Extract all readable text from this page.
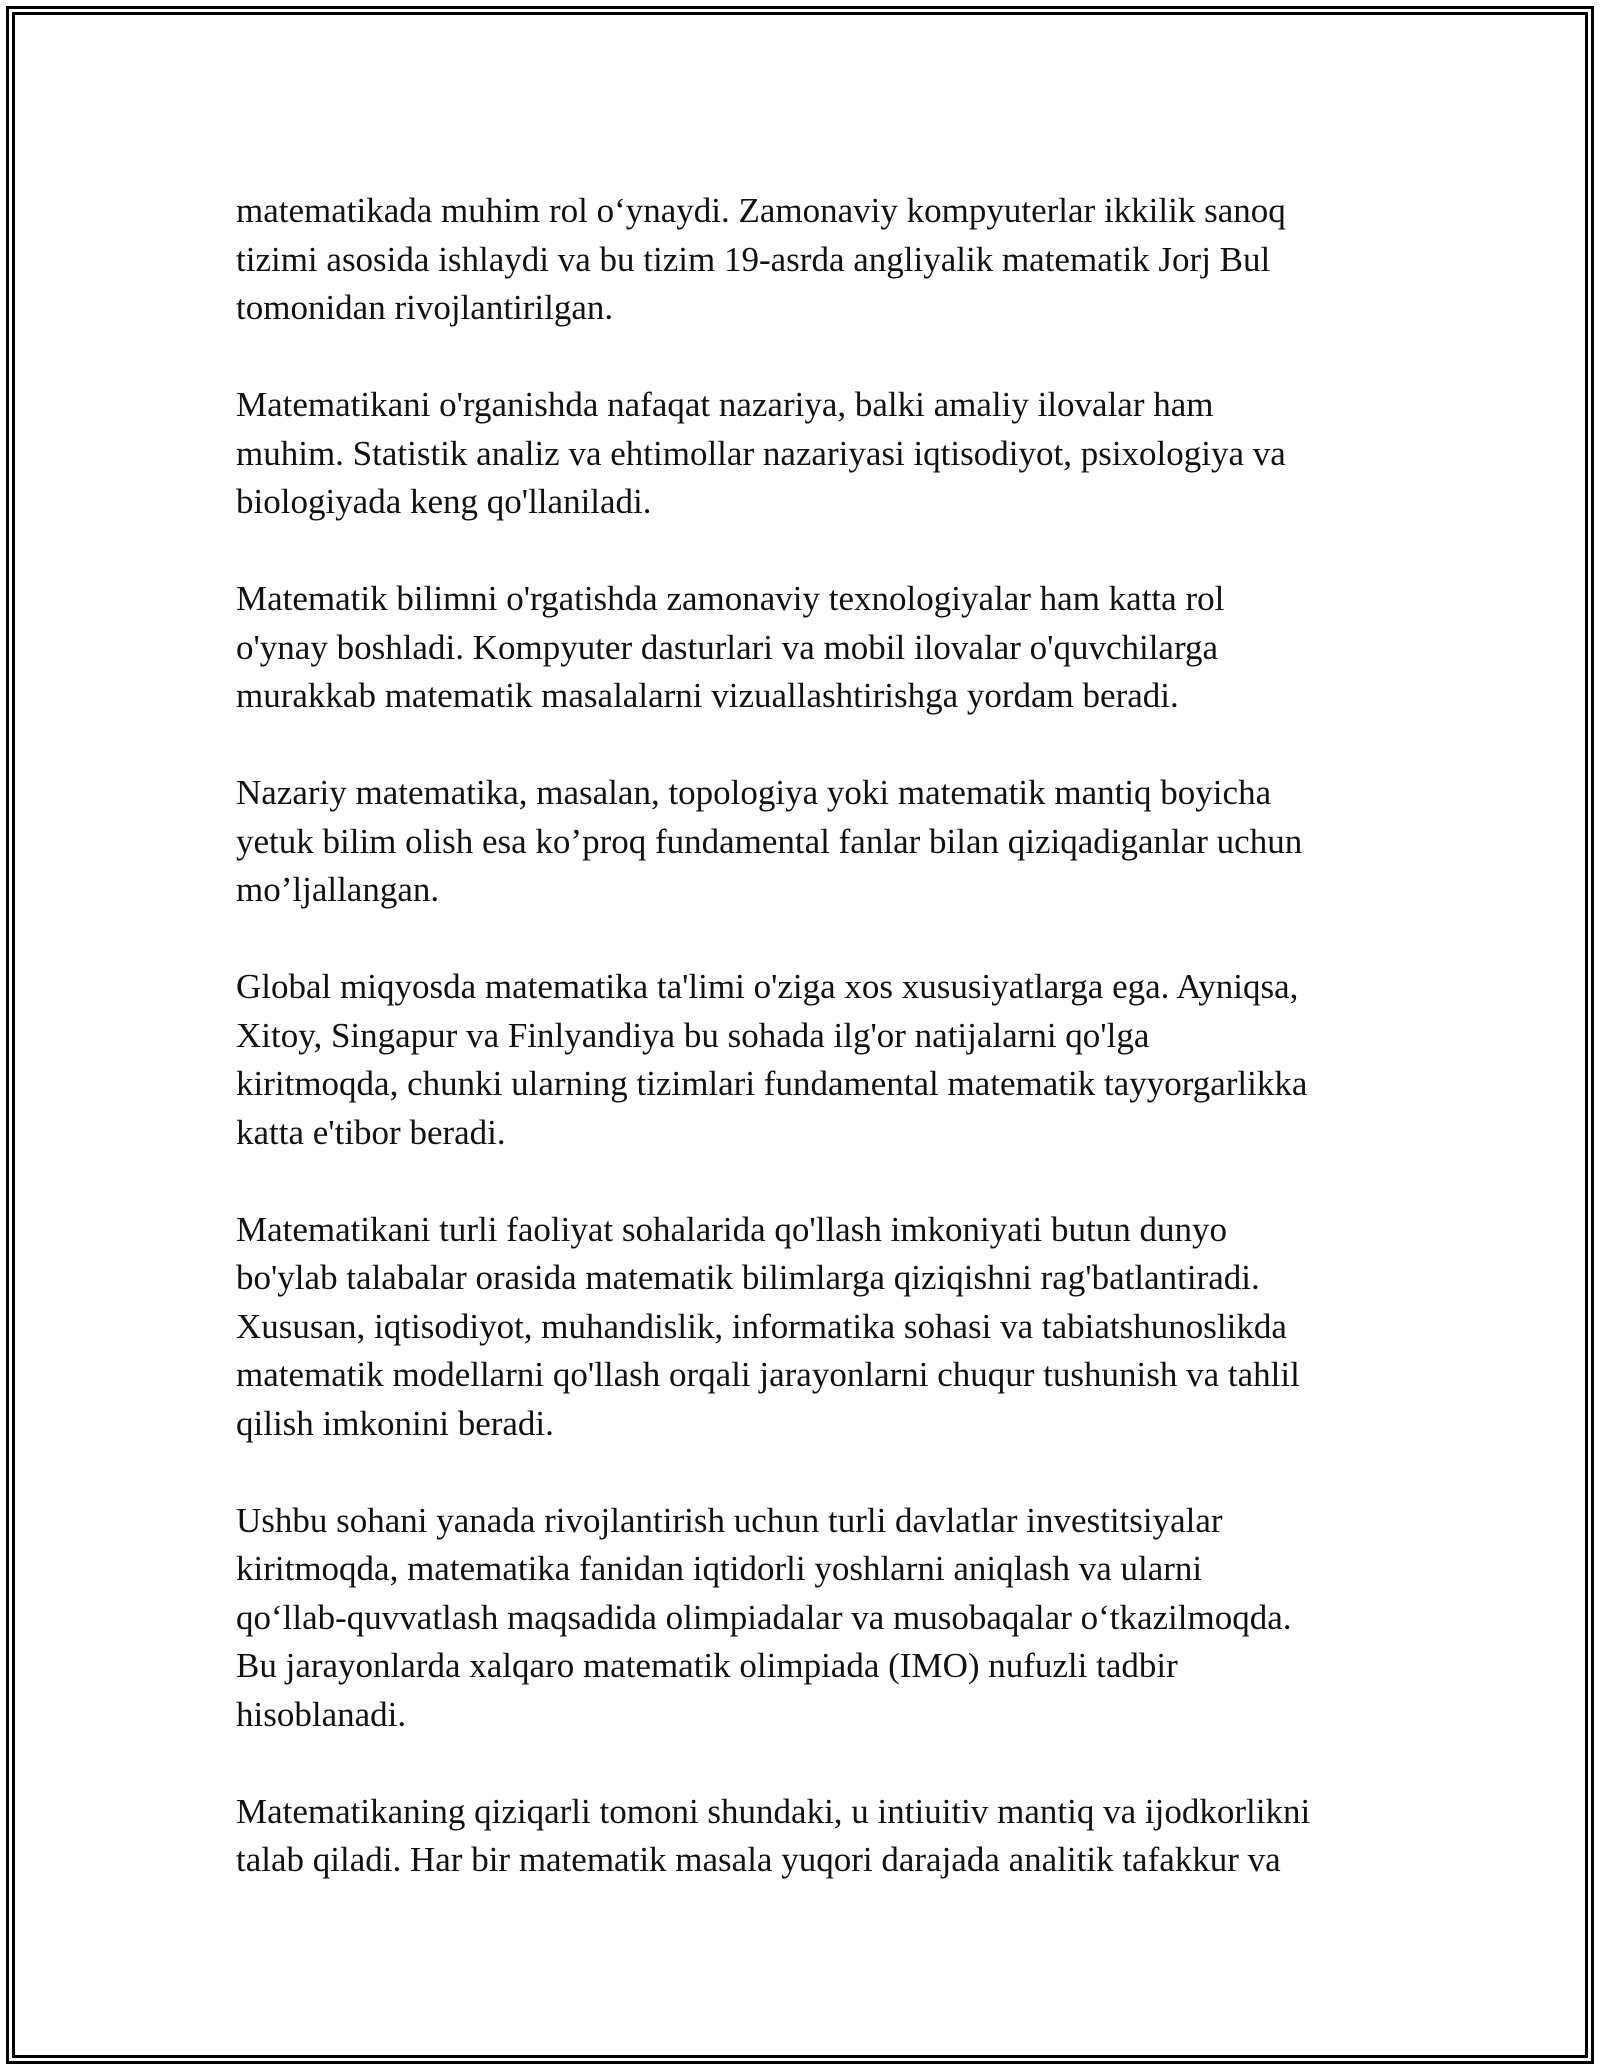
matematikada muhim rol o‘ynaydi. Zamonaviy kompyuterlar ikkilik sanoq
tizimi asosida ishlaydi va bu tizim 19-asrda angliyalik matematik Jorj Bul
tomonidan rivojlantirilgan.

Matematikani o'rganishda nafaqat nazariya, balki amaliy ilovalar ham
muhim. Statistik analiz va ehtimollar nazariyasi iqtisodiyot, psixologiya va
biologiyada keng qo'llaniladi.

Matematik bilimni o'rgatishda zamonaviy texnologiyalar ham katta rol
o'ynay boshladi. Kompyuter dasturlari va mobil ilovalar o'quvchilarga
murakkab matematik masalalarni vizuallashtirishga yordam beradi.

Nazariy matematika, masalan, topologiya yoki matematik mantiq boyicha
yetuk bilim olish esa ko’proq fundamental fanlar bilan qiziqadiganlar uchun
mo’ljallangan.

Global miqyosda matematika ta'limi o'ziga xos xususiyatlarga ega. Ayniqsa,
Xitoy, Singapur va Finlyandiya bu sohada ilg'or natijalarni qo'lga
kiritmoqda, chunki ularning tizimlari fundamental matematik tayyorgarlikka
katta e'tibor beradi.

Matematikani turli faoliyat sohalarida qo'llash imkoniyati butun dunyo
bo'ylab talabalar orasida matematik bilimlarga qiziqishni rag'batlantiradi.
Xususan, iqtisodiyot, muhandislik, informatika sohasi va tabiatshunoslikda
matematik modellarni qo'llash orqali jarayonlarni chuqur tushunish va tahlil
qilish imkonini beradi.

Ushbu sohani yanada rivojlantirish uchun turli davlatlar investitsiyalar
kiritmoqda, matematika fanidan iqtidorli yoshlarni aniqlash va ularni
qo‘llab-quvvatlash maqsadida olimpiadalar va musobaqalar o‘tkazilmoqda.
Bu jarayonlarda xalqaro matematik olimpiada (IMO) nufuzli tadbir
hisoblanadi.

Matematikaning qiziqarli tomoni shundaki, u intiuitiv mantiq va ijodkorlikni
talab qiladi. Har bir matematik masala yuqori darajada analitik tafakkur va
